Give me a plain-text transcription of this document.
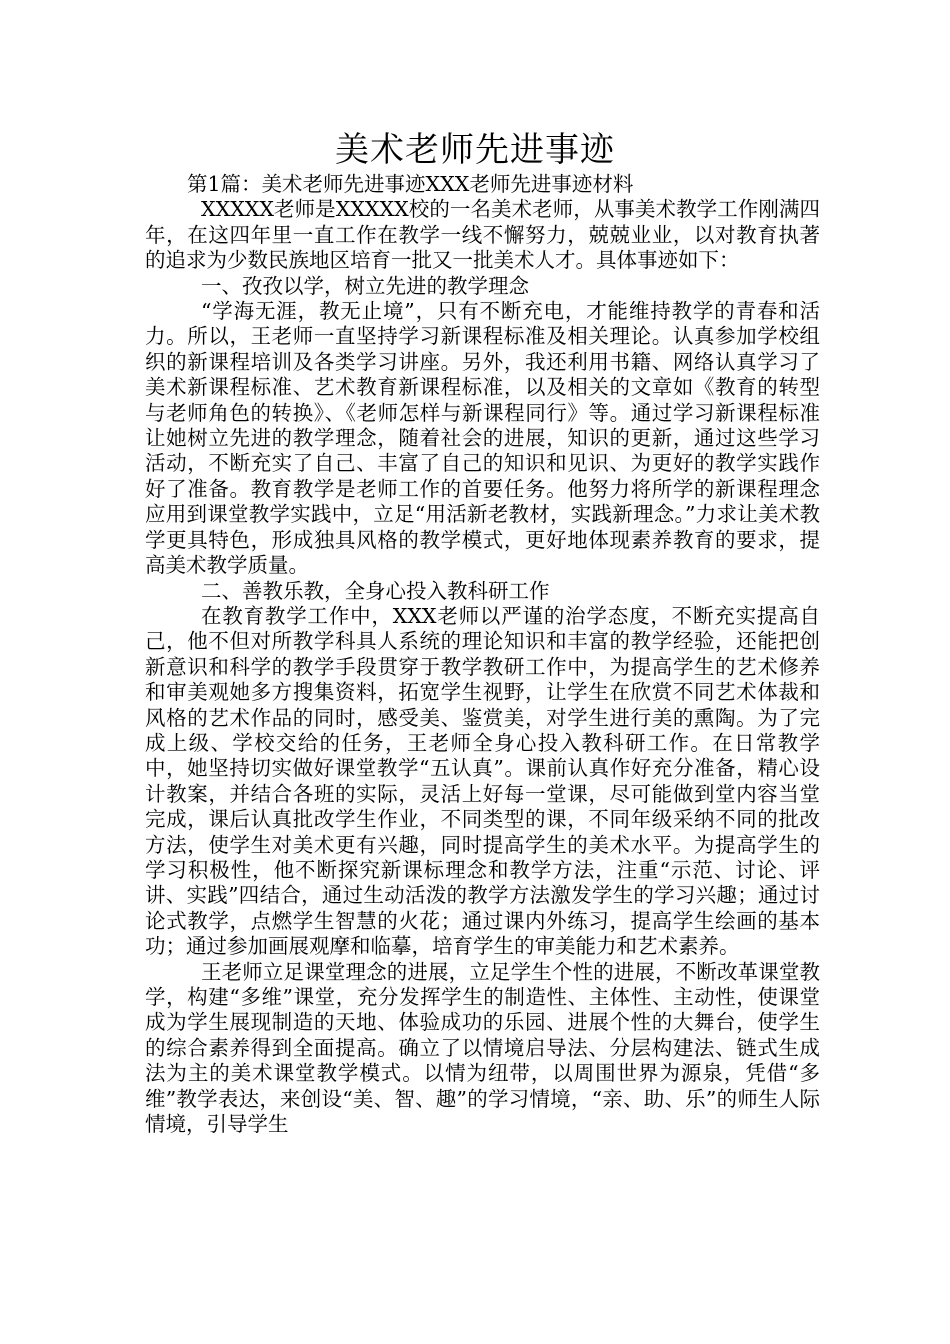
美术老师先进事迹

第1篇：美术老师先进事迹XXX老师先进事迹材料

XXXXX老师是XXXXX校的一名美术老师，从事美术教学工作刚满四年，在这四年里一直工作在教学一线不懈努力，兢兢业业，以对教育执著的追求为少数民族地区培育一批又一批美术人才。具体事迹如下：

一、孜孜以学，树立先进的教学理念

“学海无涯，教无止境”，只有不断充电，才能维持教学的青春和活力。所以，王老师一直坚持学习新课程标准及相关理论。认真参加学校组织的新课程培训及各类学习讲座。另外，我还利用书籍、网络认真学习了美术新课程标准、艺术教育新课程标准，以及相关的文章如《教育的转型与老师角色的转换》、《老师怎样与新课程同行》等。通过学习新课程标准让她树立先进的教学理念，随着社会的进展，知识的更新，通过这些学习活动，不断充实了自己、丰富了自己的知识和见识、为更好的教学实践作好了准备。教育教学是老师工作的首要任务。他努力将所学的新课程理念应用到课堂教学实践中，立足“用活新老教材，实践新理念。”力求让美术教学更具特色，形成独具风格的教学模式，更好地体现素养教育的要求，提高美术教学质量。

二、善教乐教，全身心投入教科研工作

在教育教学工作中，XXX老师以严谨的治学态度，不断充实提高自己，他不但对所教学科具人系统的理论知识和丰富的教学经验，还能把创新意识和科学的教学手段贯穿于教学教研工作中，为提高学生的艺术修养和审美观她多方搜集资料，拓宽学生视野，让学生在欣赏不同艺术体裁和风格的艺术作品的同时，感受美、鉴赏美，对学生进行美的熏陶。为了完成上级、学校交给的任务，王老师全身心投入教科研工作。在日常教学中，她坚持切实做好课堂教学“五认真”。课前认真作好充分准备，精心设计教案，并结合各班的实际，灵活上好每一堂课，尽可能做到堂内容当堂完成，课后认真批改学生作业，不同类型的课，不同年级采纳不同的批改方法，使学生对美术更有兴趣，同时提高学生的美术水平。为提高学生的学习积极性，他不断探究新课标理念和教学方法，注重“示范、讨论、评讲、实践”四结合，通过生动活泼的教学方法激发学生的学习兴趣；通过讨论式教学，点燃学生智慧的火花；通过课内外练习，提高学生绘画的基本功；通过参加画展观摩和临摹，培育学生的审美能力和艺术素养。

王老师立足课堂理念的进展，立足学生个性的进展，不断改革课堂教学，构建“多维”课堂，充分发挥学生的制造性、主体性、主动性，使课堂成为学生展现制造的天地、体验成功的乐园、进展个性的大舞台，使学生的综合素养得到全面提高。确立了以情境启导法、分层构建法、链式生成法为主的美术课堂教学模式。以情为纽带，以周围世界为源泉，凭借“多维”教学表达，来创设“美、智、趣”的学习情境，“亲、助、乐”的师生人际情境，引导学生
